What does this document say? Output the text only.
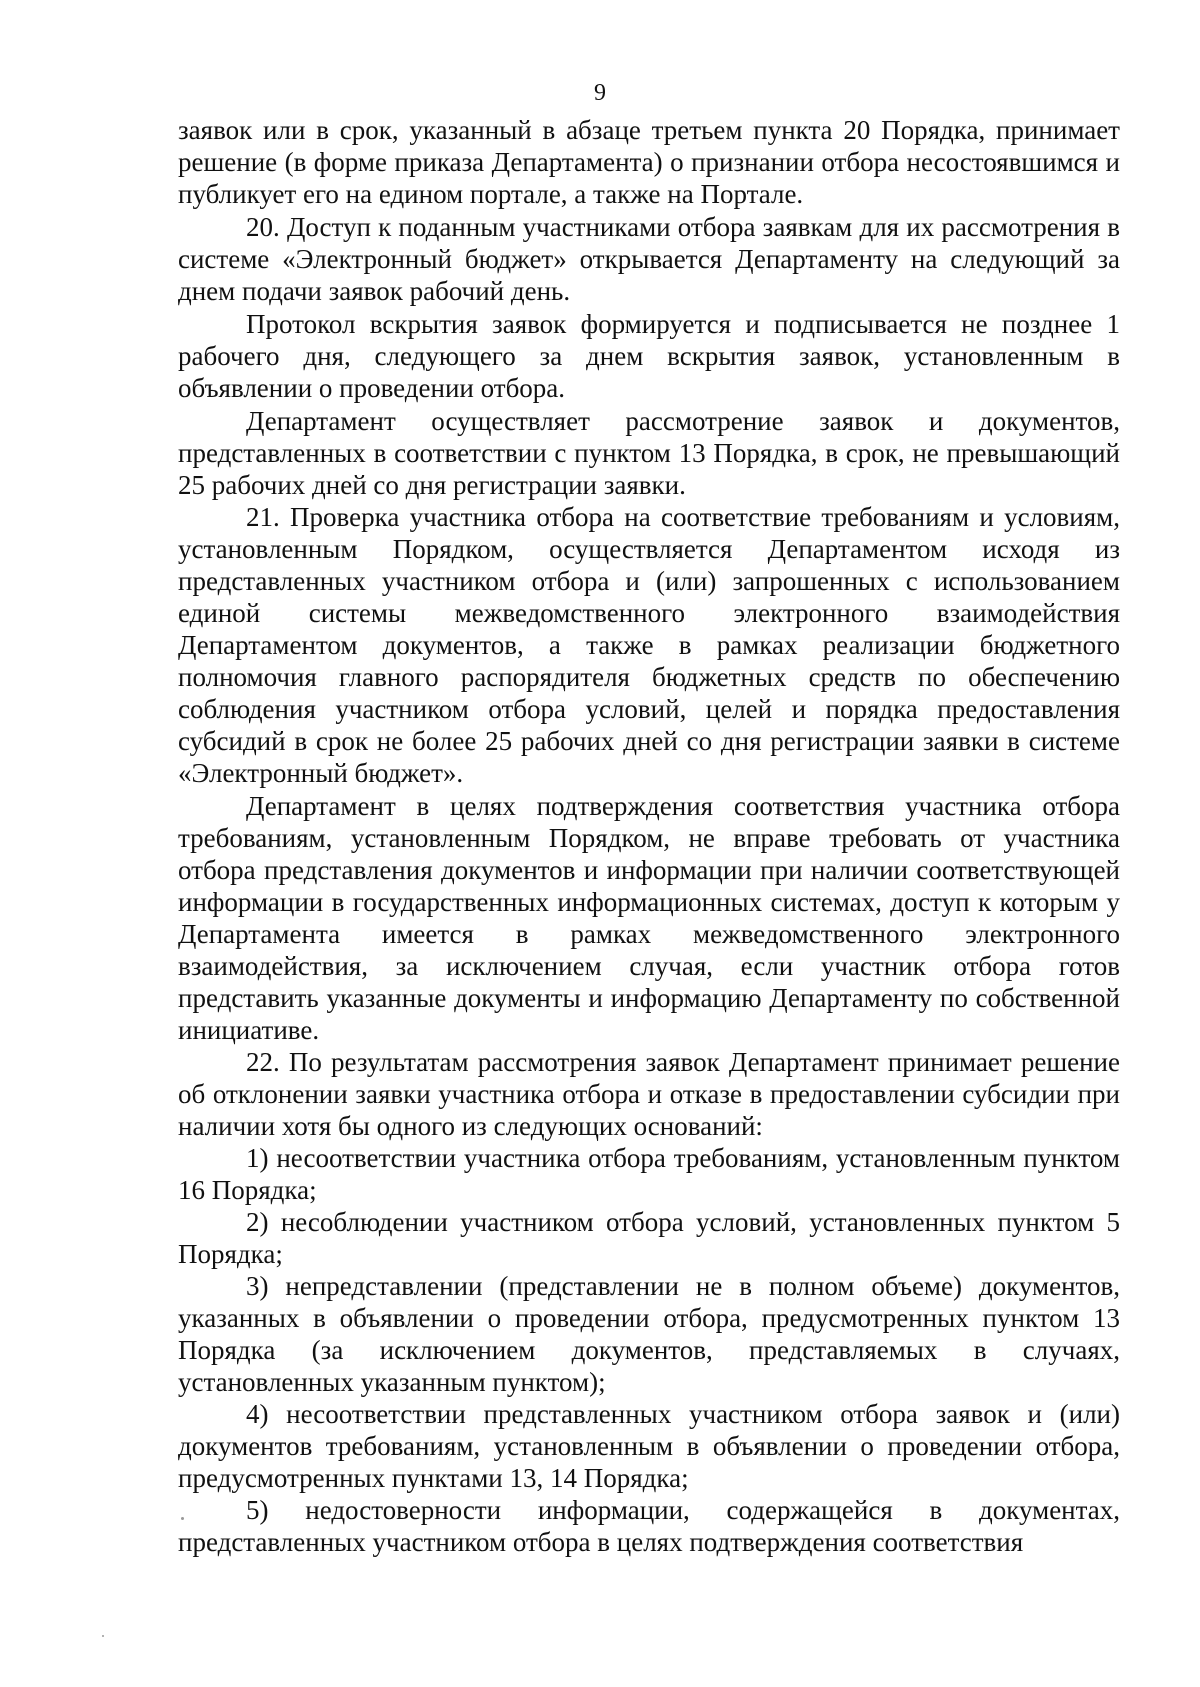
9

заявок или в срок, указанный в абзаце третьем пункта 20 Порядка, принимает решение (в форме приказа Департамента) о признании отбора несостоявшимся и публикует его на едином портале, а также на Портале.

20. Доступ к поданным участниками отбора заявкам для их рассмотрения в системе «Электронный бюджет» открывается Департаменту на следующий за днем подачи заявок рабочий день.

Протокол вскрытия заявок формируется и подписывается не позднее 1 рабочего дня, следующего за днем вскрытия заявок, установленным в объявлении о проведении отбора.

Департамент осуществляет рассмотрение заявок и документов, представленных в соответствии с пунктом 13 Порядка, в срок, не превышающий 25 рабочих дней со дня регистрации заявки.

21. Проверка участника отбора на соответствие требованиям и условиям, установленным Порядком, осуществляется Департаментом исходя из представленных участником отбора и (или) запрошенных с использованием единой системы межведомственного электронного взаимодействия Департаментом документов, а также в рамках реализации бюджетного полномочия главного распорядителя бюджетных средств по обеспечению соблюдения участником отбора условий, целей и порядка предоставления субсидий в срок не более 25 рабочих дней со дня регистрации заявки в системе «Электронный бюджет».

Департамент в целях подтверждения соответствия участника отбора требованиям, установленным Порядком, не вправе требовать от участника отбора представления документов и информации при наличии соответствующей информации в государственных информационных системах, доступ к которым у Департамента имеется в рамках межведомственного электронного взаимодействия, за исключением случая, если участник отбора готов представить указанные документы и информацию Департаменту по собственной инициативе.

22. По результатам рассмотрения заявок Департамент принимает решение об отклонении заявки участника отбора и отказе в предоставлении субсидии при наличии хотя бы одного из следующих оснований:

1) несоответствии участника отбора требованиям, установленным пунктом 16 Порядка;

2) несоблюдении участником отбора условий, установленных пунктом 5 Порядка;

3) непредставлении (представлении не в полном объеме) документов, указанных в объявлении о проведении отбора, предусмотренных пунктом 13 Порядка (за исключением документов, представляемых в случаях, установленных указанным пунктом);

4) несоответствии представленных участником отбора заявок и (или) документов требованиям, установленным в объявлении о проведении отбора, предусмотренных пунктами 13, 14 Порядка;

5) недостоверности информации, содержащейся в документах, представленных участником отбора в целях подтверждения соответствия
